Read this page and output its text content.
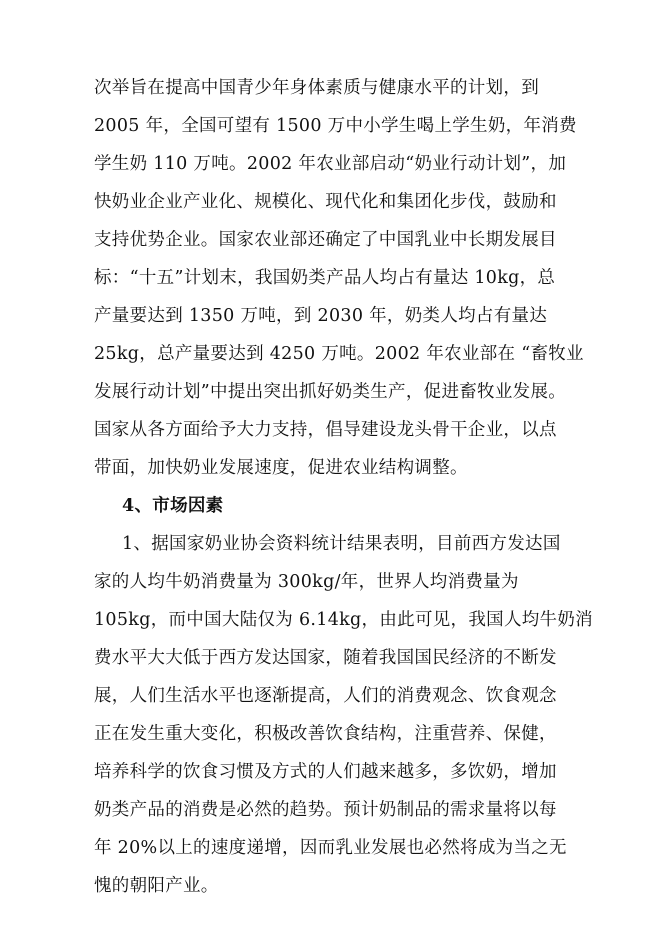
次举旨在提高中国青少年身体素质与健康水平的计划，到
2005 年，全国可望有 1500 万中小学生喝上学生奶，年消费
学生奶 110 万吨。2002 年农业部启动“奶业行动计划”，加
快奶业企业产业化、规模化、现代化和集团化步伐，鼓励和
支持优势企业。国家农业部还确定了中国乳业中长期发展目
标：“十五”计划末，我国奶类产品人均占有量达 10kg，总
产量要达到 1350 万吨，到 2030 年，奶类人均占有量达
25kg，总产量要达到 4250 万吨。2002 年农业部在 “畜牧业
发展行动计划”中提出突出抓好奶类生产，促进畜牧业发展。
国家从各方面给予大力支持，倡导建设龙头骨干企业，以点
带面，加快奶业发展速度，促进农业结构调整。
4、市场因素
1、据国家奶业协会资料统计结果表明，目前西方发达国
家的人均牛奶消费量为 300kg/年，世界人均消费量为
105kg，而中国大陆仅为 6.14kg，由此可见，我国人均牛奶消
费水平大大低于西方发达国家，随着我国国民经济的不断发
展，人们生活水平也逐渐提高，人们的消费观念、饮食观念
正在发生重大变化，积极改善饮食结构，注重营养、保健，
培养科学的饮食习惯及方式的人们越来越多，多饮奶，增加
奶类产品的消费是必然的趋势。预计奶制品的需求量将以每
年 20%以上的速度递增，因而乳业发展也必然将成为当之无
愧的朝阳产业。
